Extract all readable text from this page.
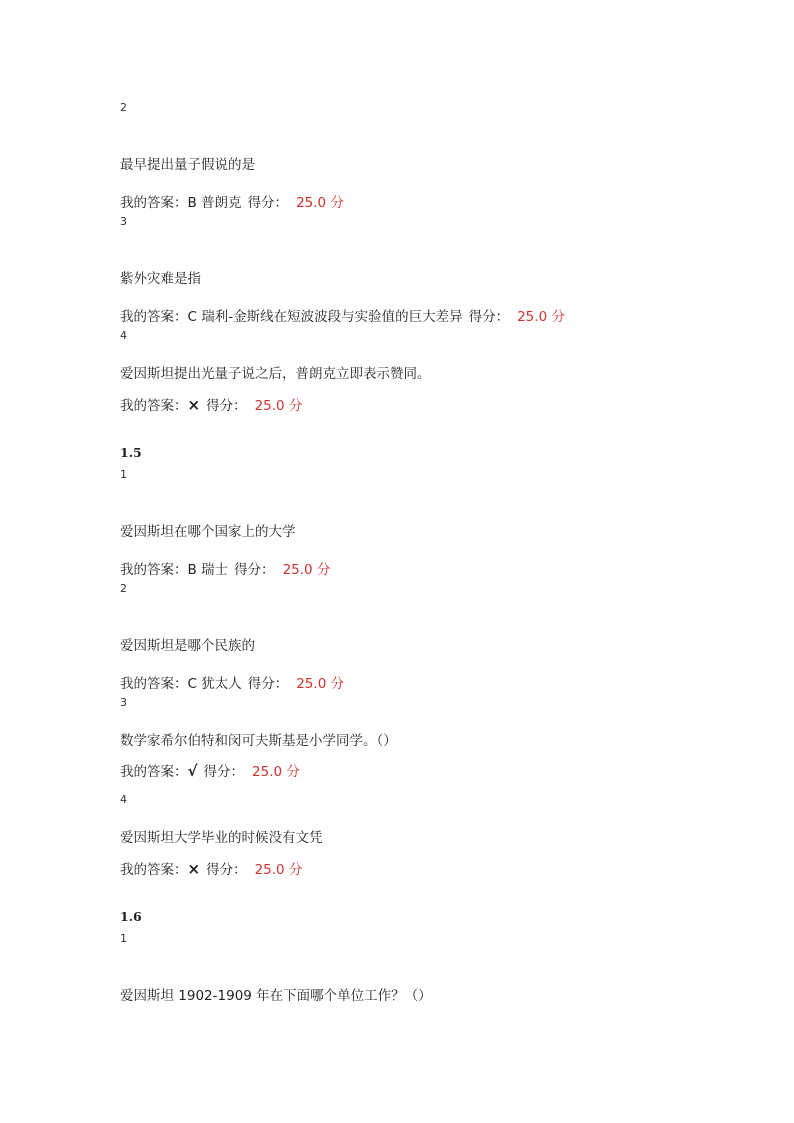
2
最早提出量子假说的是
我的答案：B 普朗克 得分： 25.0 分
3
紫外灾难是指
我的答案：C 瑞利-金斯线在短波波段与实验值的巨大差异 得分： 25.0 分
4
爱因斯坦提出光量子说之后，普朗克立即表示赞同。
我的答案：× 得分： 25.0 分
1.5
1
爱因斯坦在哪个国家上的大学
我的答案：B 瑞士 得分： 25.0 分
2
爱因斯坦是哪个民族的
我的答案：C 犹太人 得分： 25.0 分
3
数学家希尔伯特和闵可夫斯基是小学同学。（）
我的答案：√ 得分： 25.0 分
4
爱因斯坦大学毕业的时候没有文凭
我的答案：× 得分： 25.0 分
1.6
1
爱因斯坦 1902-1909 年在下面哪个单位工作？（）
